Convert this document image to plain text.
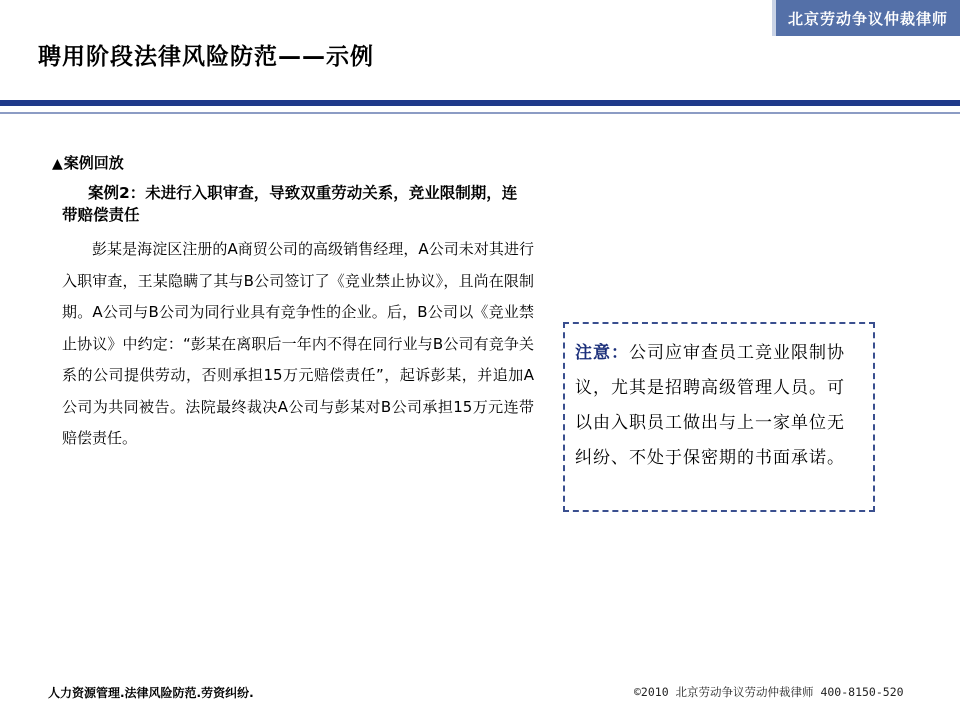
北京劳动争议仲裁律师
聘用阶段法律风险防范——示例
▲案例回放
案例2：未进行入职审查，导致双重劳动关系，竞业限制期，连带赔偿责任
彭某是海淀区注册的A商贸公司的高级销售经理，A公司未对其进行入职审查，王某隐瞒了其与B公司签订了《竞业禁止协议》，且尚在限制期。A公司与B公司为同行业具有竞争性的企业。后，B公司以《竞业禁止协议》中约定：“彭某在离职后一年内不得在同行业与B公司有竞争关系的公司提供劳动，否则承担15万元赔偿责任”，起诉彭某，并追加A公司为共同被告。法院最终裁决A公司与彭某对B公司承担15万元连带赔偿责任。
注意：公司应审查员工竞业限制协议，尤其是招聘高级管理人员。可以由入职员工做出与上一家单位无纠纷、不处于保密期的书面承诺。
人力资源管理.法律风险防范.劳资纠纷.	©2010 北京劳动争议劳动仲裁律师 400-8150-520
